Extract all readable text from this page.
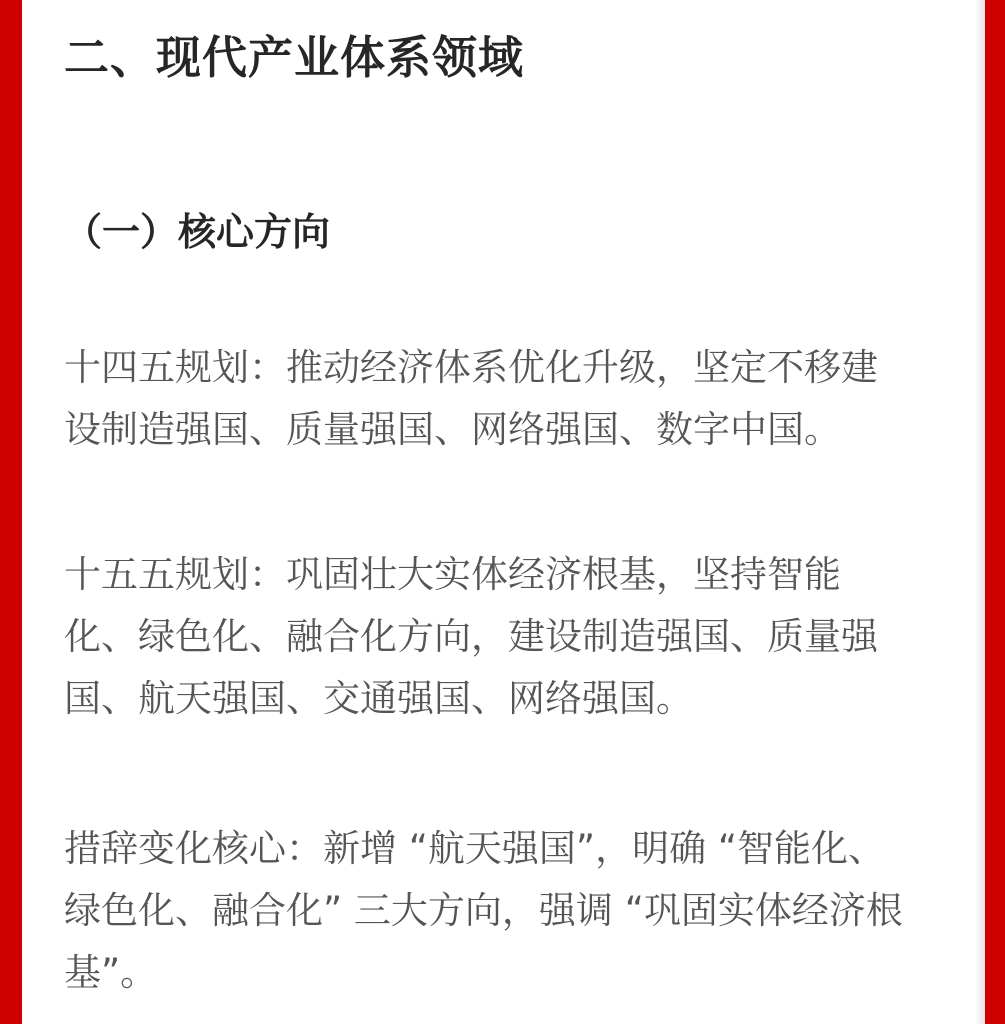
二、现代产业体系领域
（一）核心方向

十四五规划：推动经济体系优化升级，坚定不移建
设制造强国、质量强国、网络强国、数字中国。

十五五规划：巩固壮大实体经济根基，坚持智能
化、绿色化、融合化方向，建设制造强国、质量强
国、航天强国、交通强国、网络强国。

措辞变化核心：新增 “航天强国”，明确 “智能化、
绿色化、融合化” 三大方向，强调 “巩固实体经济根
基”。
